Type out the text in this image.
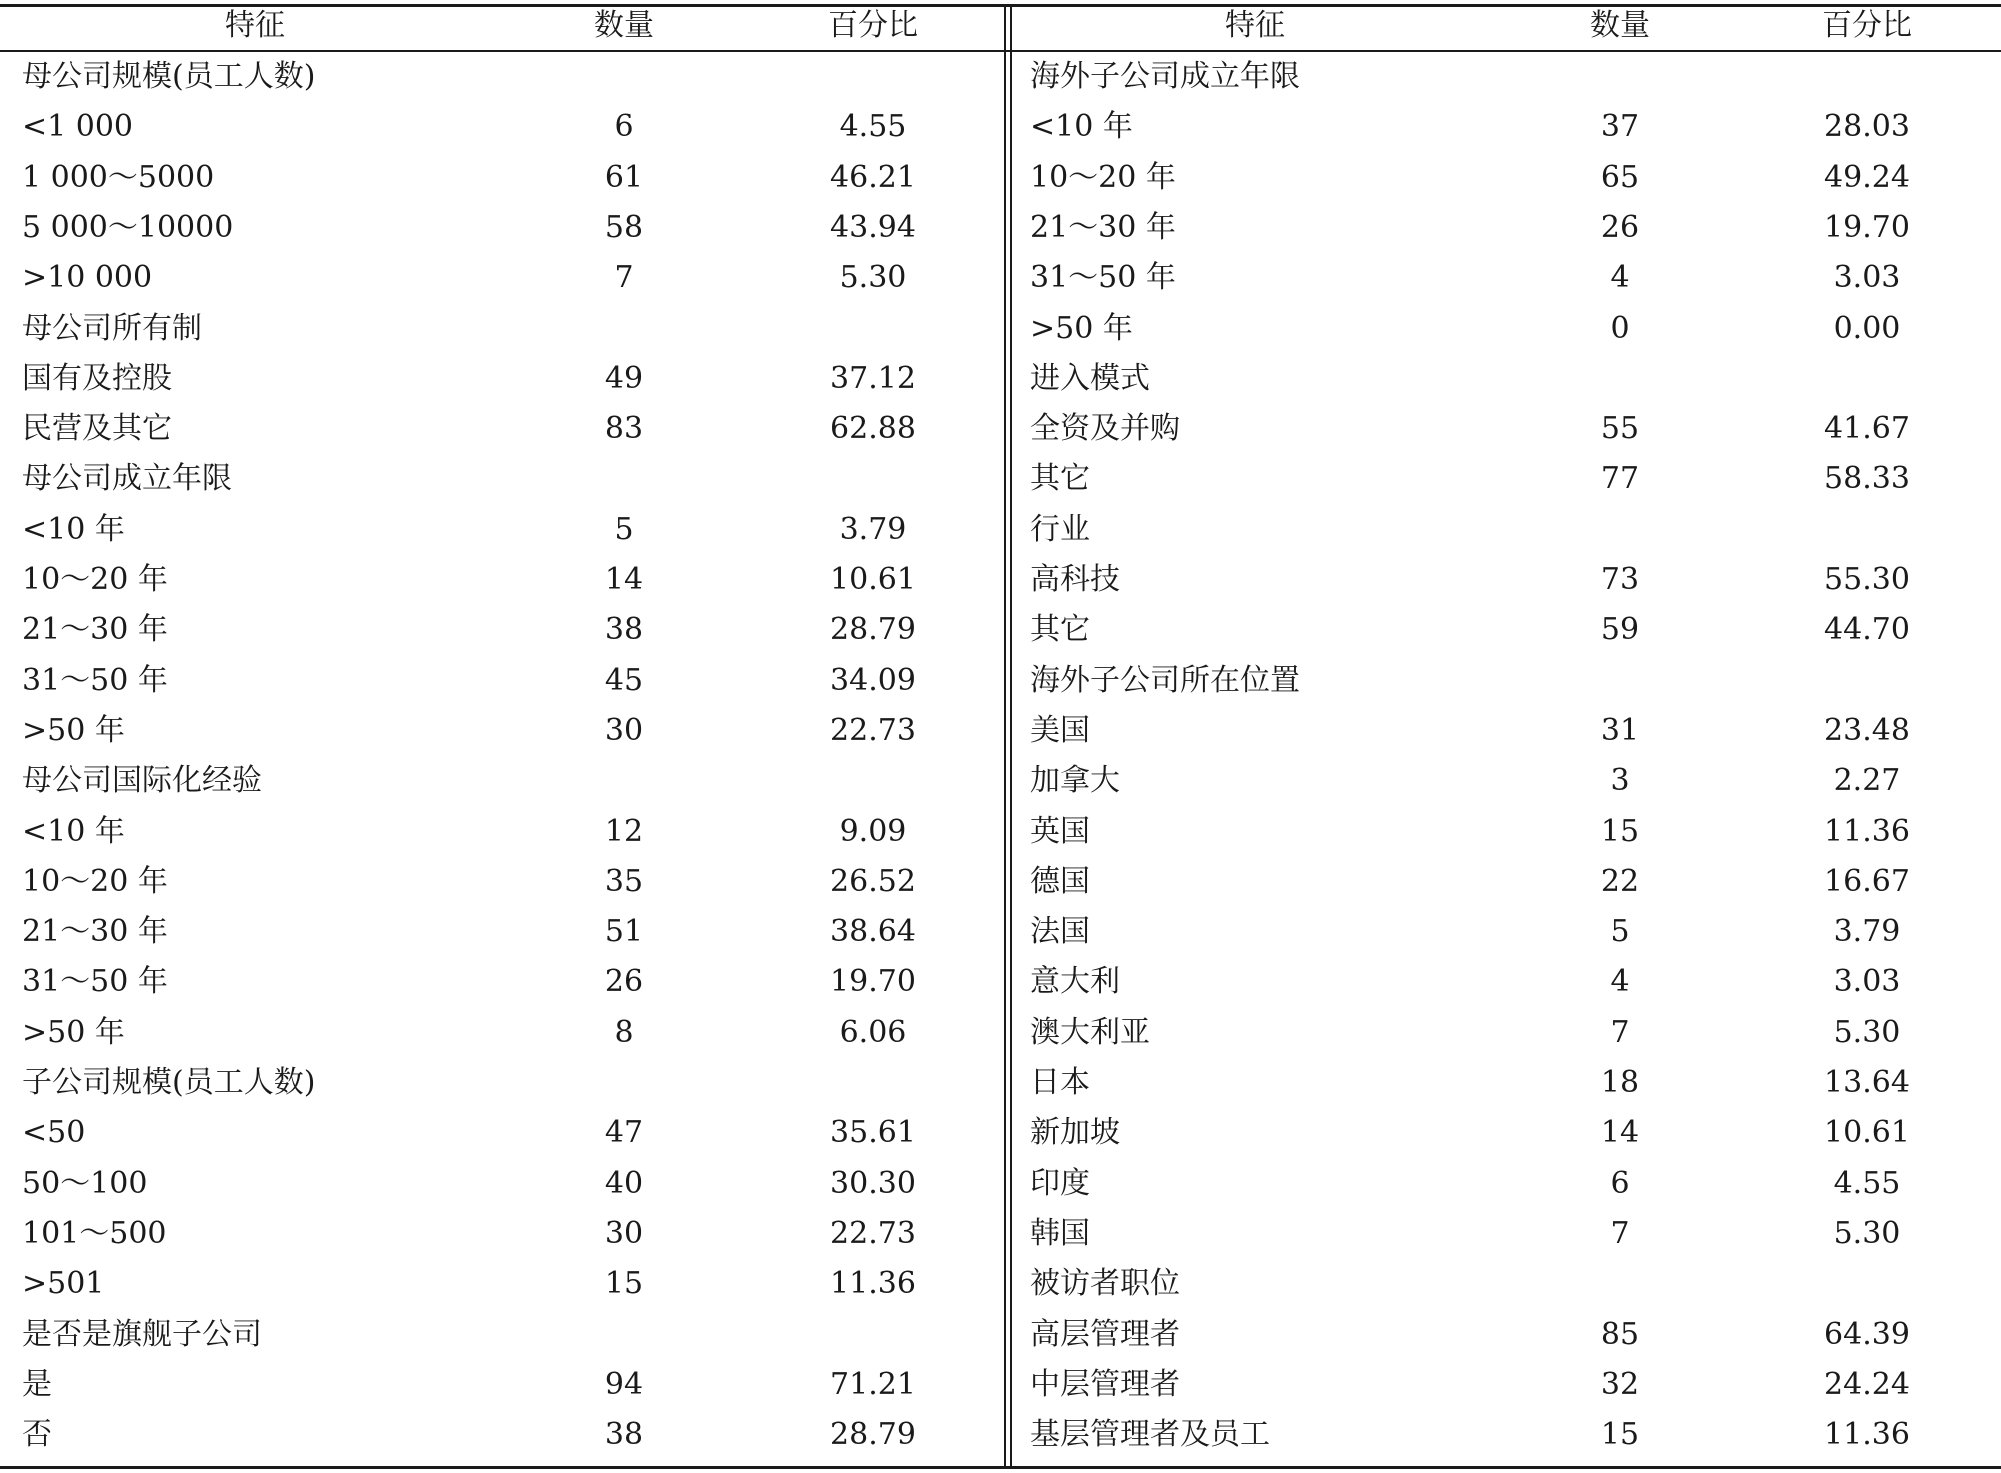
特征	数量	百分比	特征	数量	百分比
母公司规模(员工人数)
<1 000	6	4.55
1 000～5000	61	46.21
5 000～10000	58	43.94
>10 000	7	5.30
母公司所有制
国有及控股	49	37.12
民营及其它	83	62.88
母公司成立年限
<10 年	5	3.79
10～20 年	14	10.61
21～30 年	38	28.79
31～50 年	45	34.09
>50 年	30	22.73
母公司国际化经验
<10 年	12	9.09
10～20 年	35	26.52
21～30 年	51	38.64
31～50 年	26	19.70
>50 年	8	6.06
子公司规模(员工人数)
<50	47	35.61
50～100	40	30.30
101～500	30	22.73
>501	15	11.36
是否是旗舰子公司
是	94	71.21
否	38	28.79
海外子公司成立年限
<10 年	37	28.03
10～20 年	65	49.24
21～30 年	26	19.70
31～50 年	4	3.03
>50 年	0	0.00
进入模式
全资及并购	55	41.67
其它	77	58.33
行业
高科技	73	55.30
其它	59	44.70
海外子公司所在位置
美国	31	23.48
加拿大	3	2.27
英国	15	11.36
德国	22	16.67
法国	5	3.79
意大利	4	3.03
澳大利亚	7	5.30
日本	18	13.64
新加坡	14	10.61
印度	6	4.55
韩国	7	5.30
被访者职位
高层管理者	85	64.39
中层管理者	32	24.24
基层管理者及员工	15	11.36
